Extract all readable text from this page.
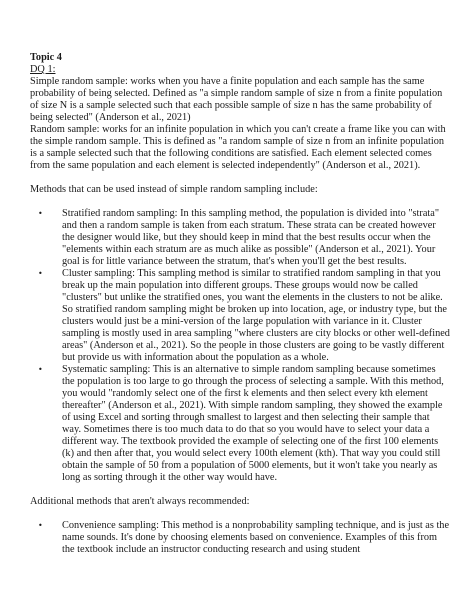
Topic 4

DQ 1:

Simple random sample: works when you have a finite population and each sample has the same probability of being selected. Defined as "a simple random sample of size n from a finite population of size N is a sample selected such that each possible sample of size n has the same probability of being selected" (Anderson et al., 2021)

Random sample: works for an infinite population in which you can't create a frame like you can with the simple random sample. This is defined as "a random sample of size n from an infinite population is a sample selected such that the following conditions are satisfied. Each element selected comes from the same population and each element is selected independently" (Anderson et al., 2021).

Methods that can be used instead of simple random sampling include:

• Stratified random sampling: In this sampling method, the population is divided into "strata" and then a random sample is taken from each stratum. These strata can be created however the designer would like, but they should keep in mind that the best results occur when the "elements within each stratum are as much alike as possible" (Anderson et al., 2021). Your goal is for little variance between the stratum, that's when you'll get the best results.
• Cluster sampling: This sampling method is similar to stratified random sampling in that you break up the main population into different groups. These groups would now be called "clusters" but unlike the stratified ones, you want the elements in the clusters to not be alike. So stratified random sampling might be broken up into location, age, or industry type, but the clusters would just be a mini-version of the large population with variance in it. Cluster sampling is mostly used in area sampling "where clusters are city blocks or other well-defined areas" (Anderson et al., 2021). So the people in those clusters are going to be vastly different but provide us with information about the population as a whole.
• Systematic sampling: This is an alternative to simple random sampling because sometimes the population is too large to go through the process of selecting a sample. With this method, you would "randomly select one of the first k elements and then select every kth element thereafter" (Anderson et al., 2021). With simple random sampling, they showed the example of using Excel and sorting through smallest to largest and then selecting their sample that way. Sometimes there is too much data to do that so you would have to select your data a different way. The textbook provided the example of selecting one of the first 100 elements (k) and then after that, you would select every 100th element (kth). That way you could still obtain the sample of 50 from a population of 5000 elements, but it won't take you nearly as long as sorting through it the other way would have.

Additional methods that aren't always recommended:

• Convenience sampling: This method is a nonprobability sampling technique, and is just as the name sounds. It's done by choosing elements based on convenience. Examples of this from the textbook include an instructor conducting research and using student
